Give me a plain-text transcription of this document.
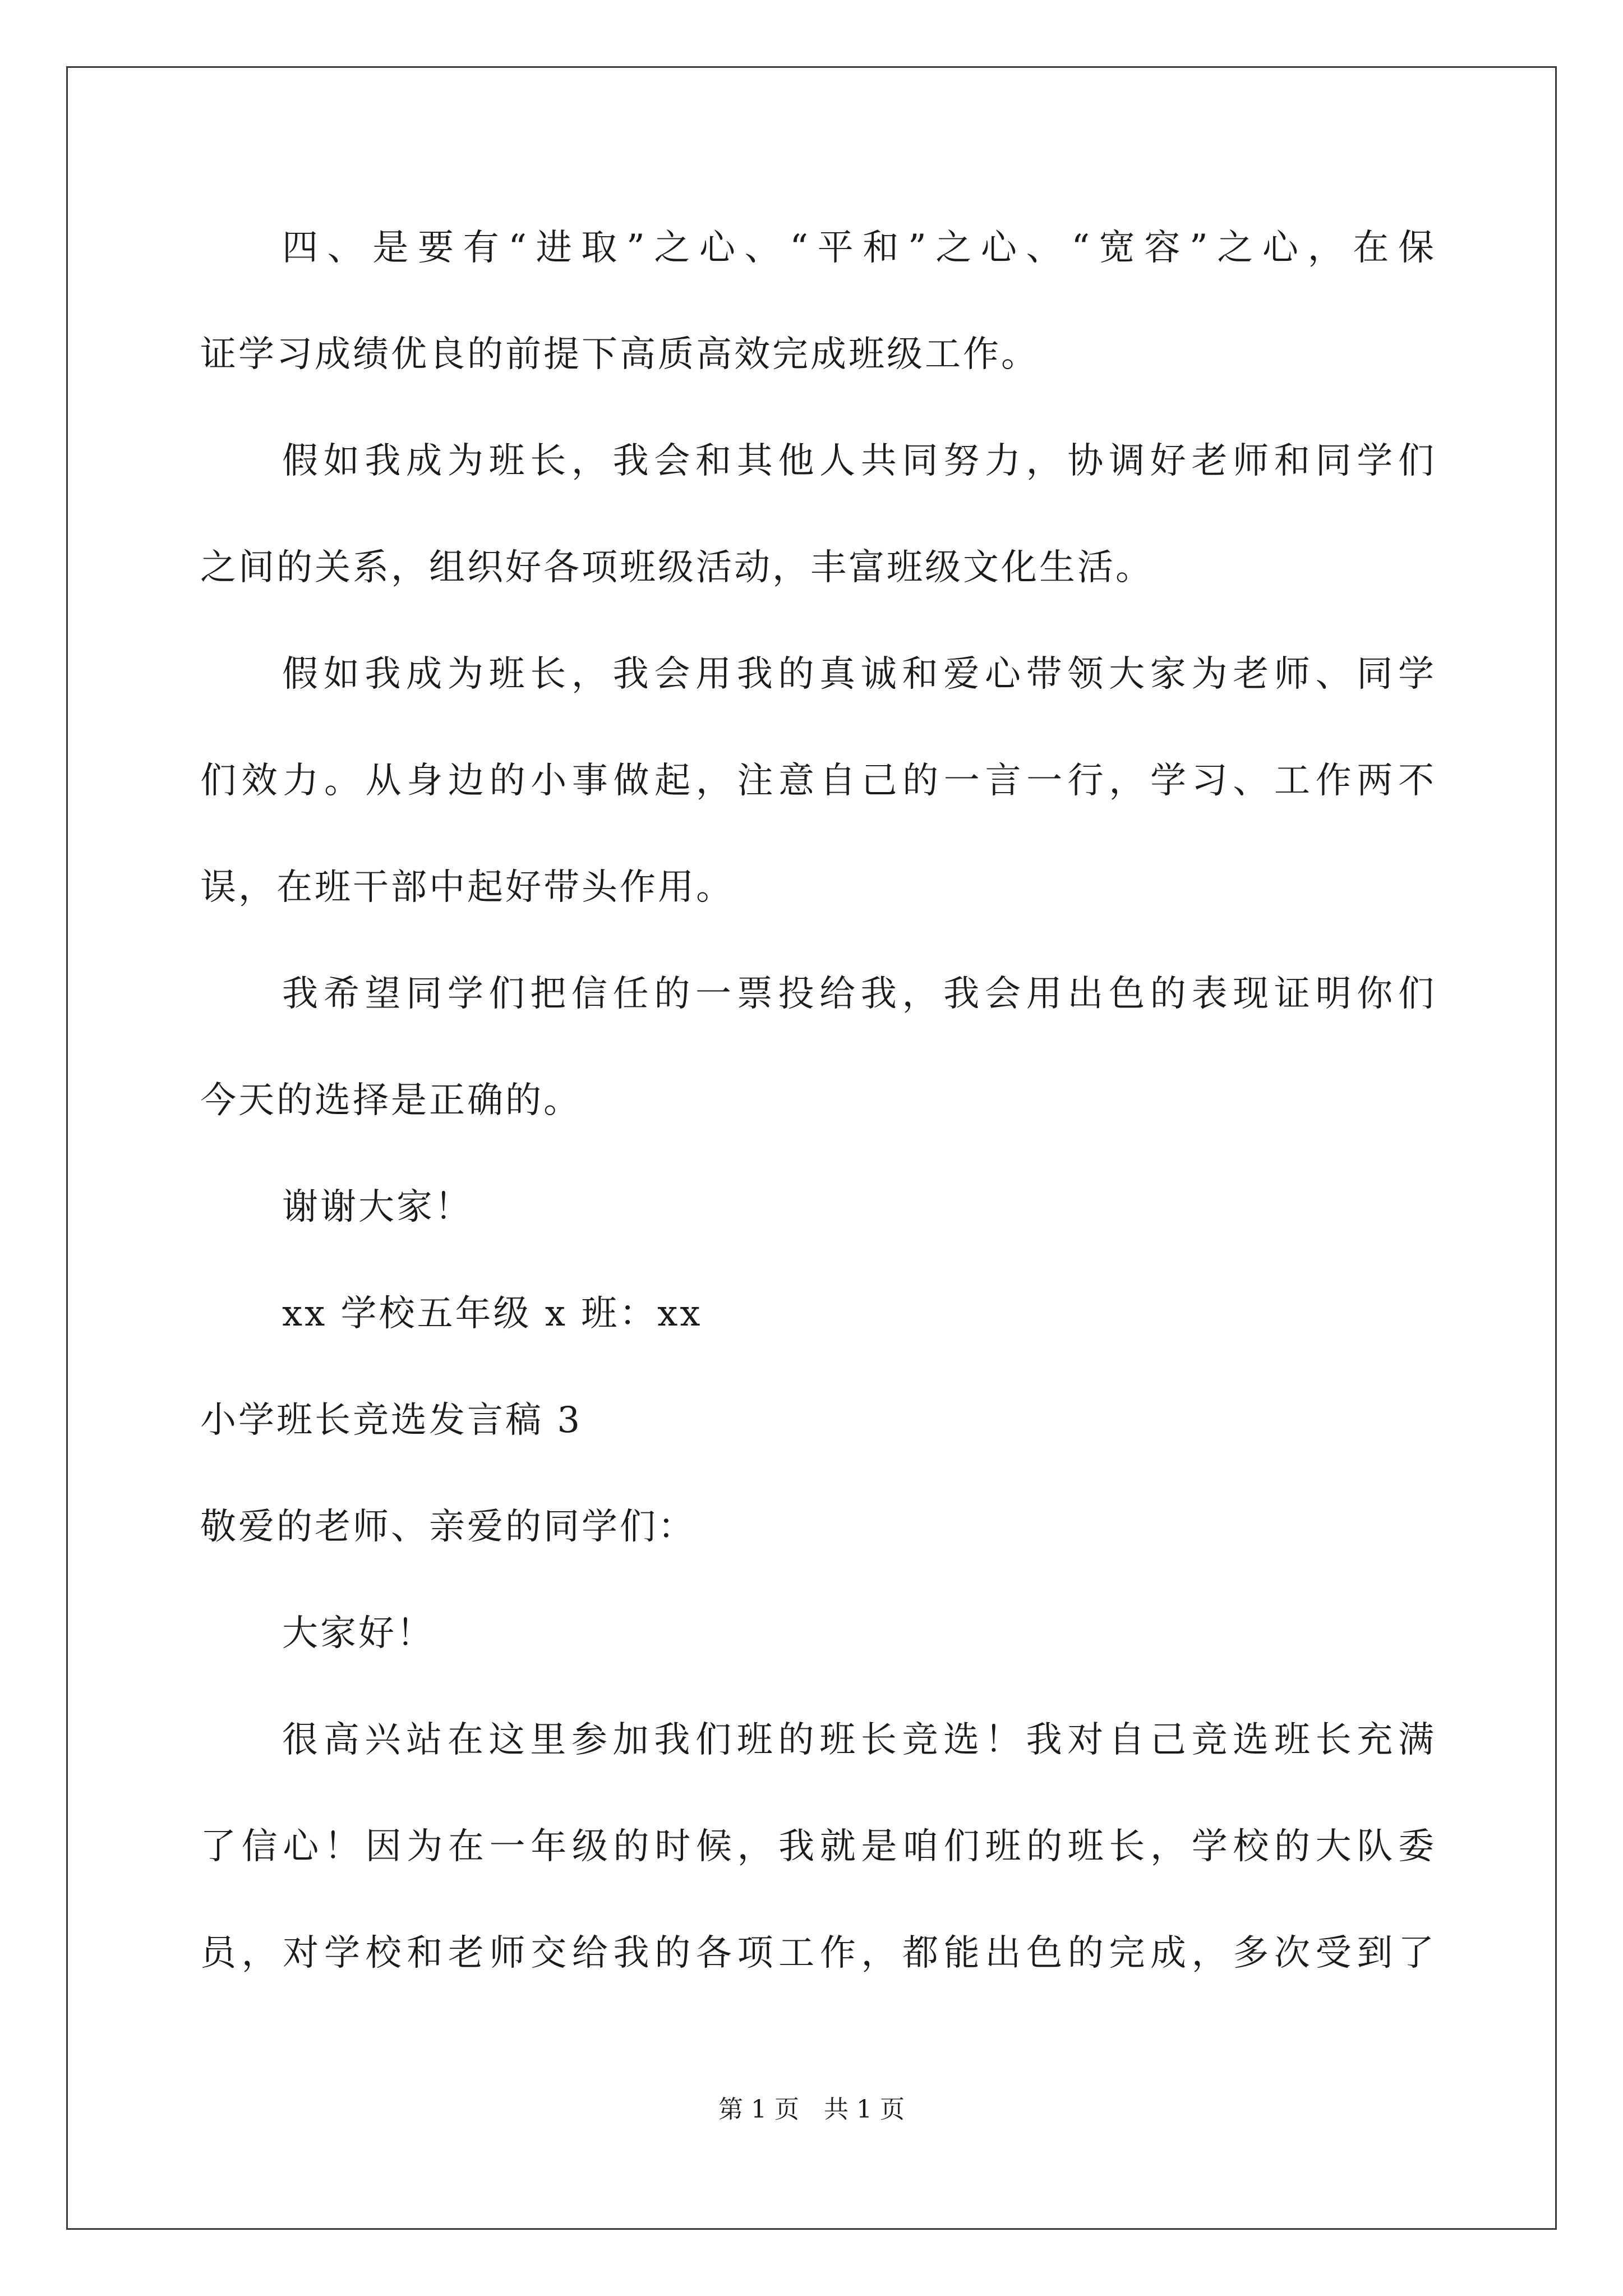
四、是要有“进取”之心、“平和”之心、“宽容”之心，在保
证学习成绩优良的前提下高质高效完成班级工作。
假如我成为班长，我会和其他人共同努力，协调好老师和同学们
之间的关系，组织好各项班级活动，丰富班级文化生活。
假如我成为班长，我会用我的真诚和爱心带领大家为老师、同学
们效力。从身边的小事做起，注意自己的一言一行，学习、工作两不
误，在班干部中起好带头作用。
我希望同学们把信任的一票投给我，我会用出色的表现证明你们
今天的选择是正确的。
谢谢大家！
xx 学校五年级 x 班：xx
小学班长竞选发言稿 3
敬爱的老师、亲爱的同学们：
大家好！
很高兴站在这里参加我们班的班长竞选！我对自己竞选班长充满
了信心！因为在一年级的时候，我就是咱们班的班长，学校的大队委
员，对学校和老师交给我的各项工作，都能出色的完成，多次受到了
第 1 页　共 1 页
